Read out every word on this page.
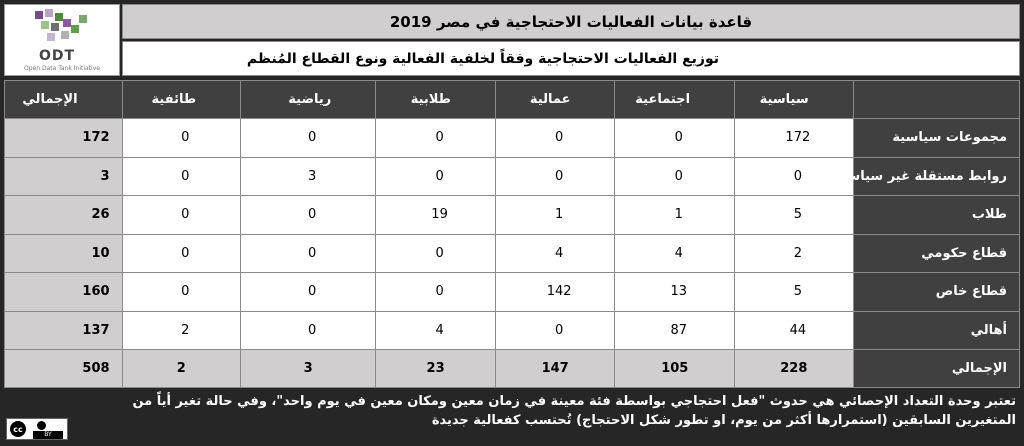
ODT
Open Data Tank Initiative
قاعدة بيانات الفعاليات الاحتجاجية في مصر 2019
توزيع الفعاليات الاحتجاجية وفقاً لخلفية الفعالية ونوع القطاع المُنظم
	سياسية	اجتماعية	عمالية	طلابية	رياضية	طائفية	الإجمالي
مجموعات سياسية	172	0	0	0	0	0	172
روابط مستقلة غير سياسية	0	0	0	0	3	0	3
طلاب	5	1	1	19	0	0	26
قطاع حكومي	2	4	4	0	0	0	10
قطاع خاص	5	13	142	0	0	0	160
أهالي	44	87	0	4	0	2	137
الإجمالي	228	105	147	23	3	2	508
تعتبر وحدة التعداد الإحصائي هي حدوث "فعل احتجاجي بواسطة فئة معينة في زمان معين ومكان معين في يوم واحد"، وفي حالة تغير أياً من المتغيرين السابقين (استمرارها أكثر من يوم، او تطور شكل الاحتجاج) تُحتسب كفعالية جديدة
cc
BY
